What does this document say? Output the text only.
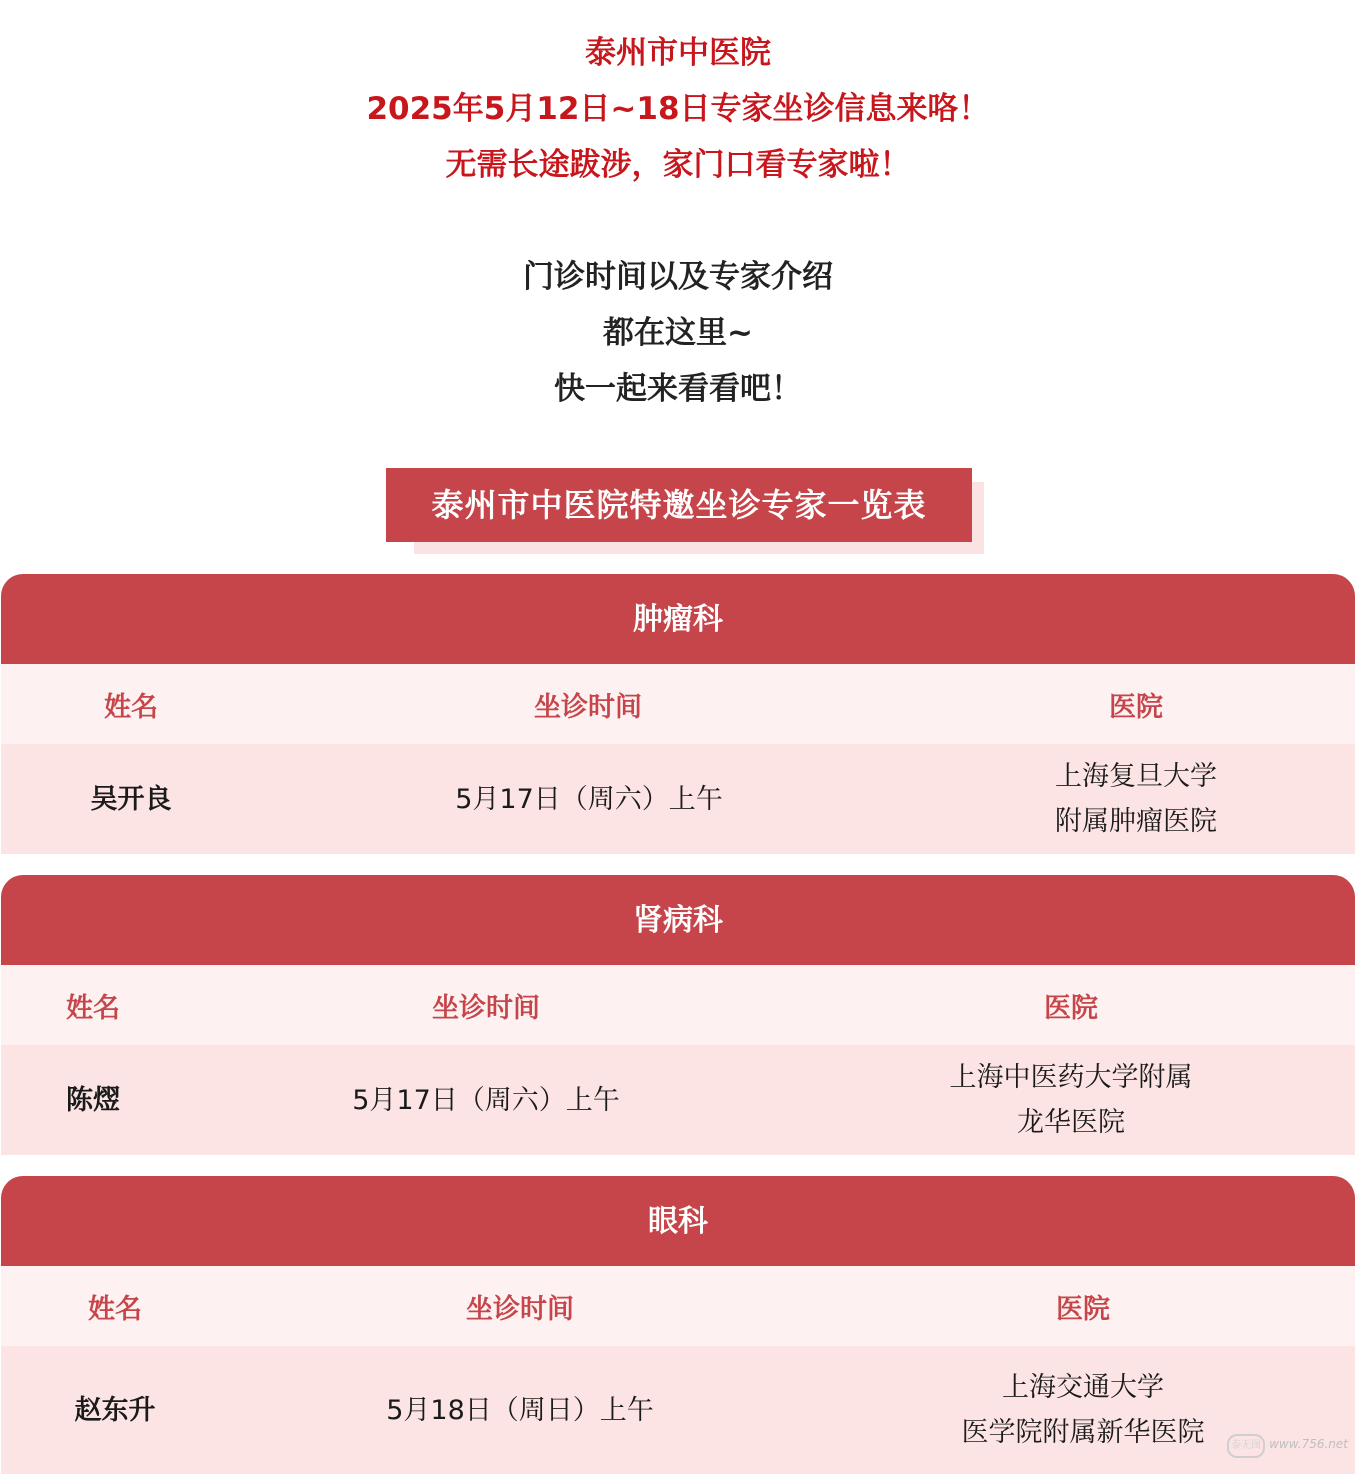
泰州市中医院
2025年5月12日~18日专家坐诊信息来咯！
无需长途跋涉，家门口看专家啦！
门诊时间以及专家介绍
都在这里~
快一起来看看吧！
泰州市中医院特邀坐诊专家一览表
肿瘤科
姓名	坐诊时间	医院
吴开良	5月17日（周六）上午
上海复旦大学
附属肿瘤医院
肾病科
姓名	坐诊时间	医院
陈熤	5月17日（周六）上午
上海中医药大学附属
龙华医院
眼科
姓名	坐诊时间	医院
赵东升	5月18日（周日）上午
上海交通大学
医学院附属新华医院	泰无图 www.756.net
